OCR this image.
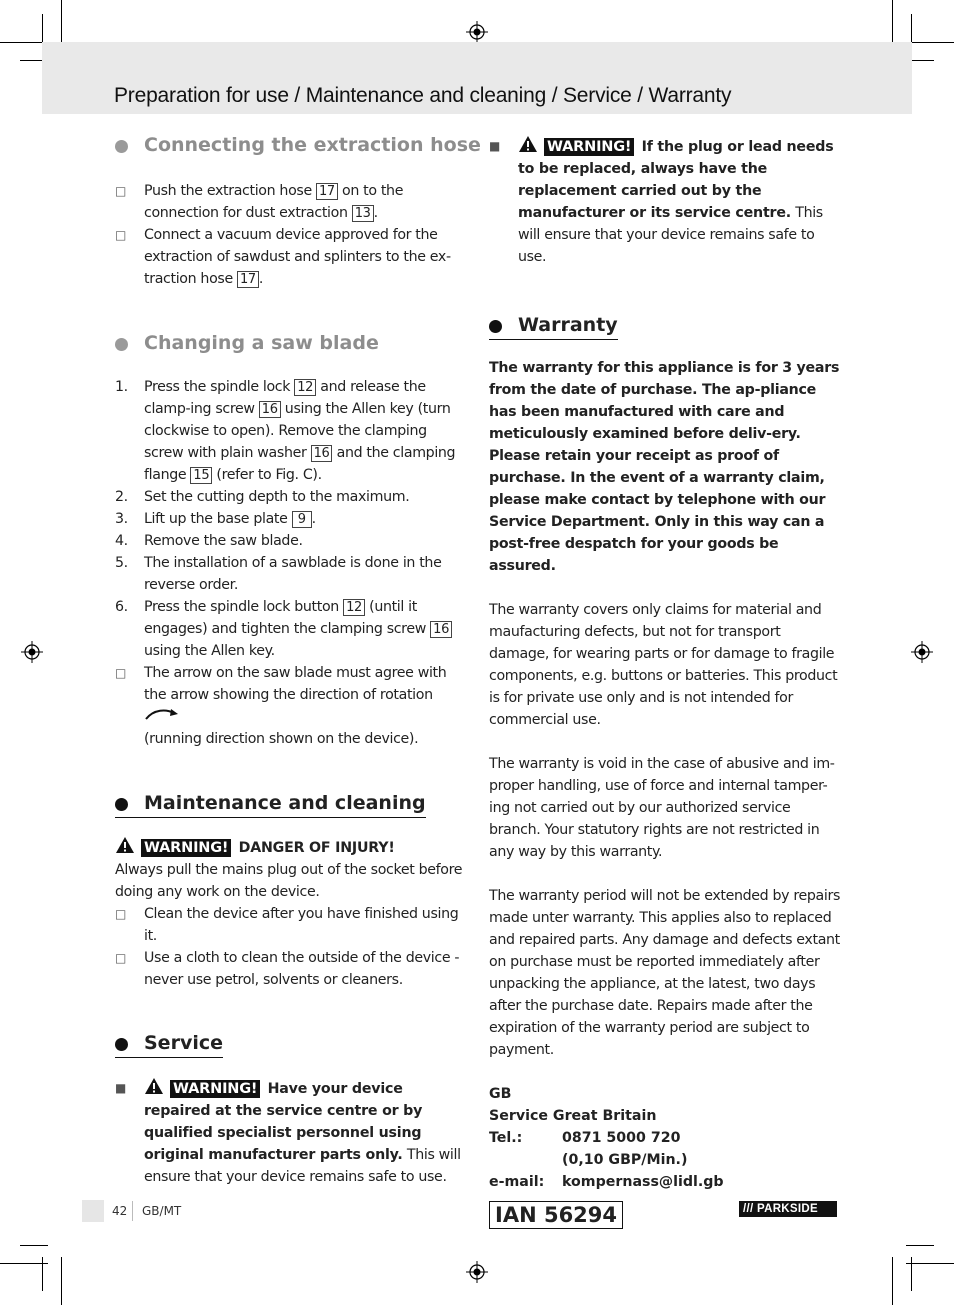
Preparation for use / Maintenance and cleaning / Service / Warranty
Connecting the extraction hose
□ Push the extraction hose 17 on to the connection for dust extraction 13 .
□ Connect a vacuum device approved for the extraction of sawdust and splinters to the ex-traction hose 17 .
Changing a saw blade
1. Press the spindle lock 12 and release the clamp-ing screw 16 using the Allen key (turn clockwise to open). Remove the clamping screw with plain washer 16 and the clamping flange 15 (refer to Fig. C).
2. Set the cutting depth to the maximum.
3. Lift up the base plate 9 .
4. Remove the saw blade.
5. The installation of a sawblade is done in the reverse order.
6. Press the spindle lock button 12 (until it engages) and tighten the clamping screw 16 using the Allen key.
□ The arrow on the saw blade must agree with the arrow showing the direction of rotation
(running direction shown on the device).
Maintenance and cleaning
WARNING! DANGER OF INJURY!
Always pull the mains plug out of the socket before doing any work on the device.
□ Clean the device after you have finished using it.
□ Use a cloth to clean the outside of the device - never use petrol, solvents or cleaners.
Service
■	WARNING! Have your device repaired at the service centre or by qualified specialist personnel using original manufacturer parts only. This will ensure that your device remains safe to use.
■	WARNING! If the plug or lead needs to be replaced, always have the replacement carried out by the manufacturer or its service centre. This will ensure that your device remains safe to use.
Warranty
The warranty for this appliance is for 3 years from the date of purchase. The ap-pliance has been manufactured with care and meticulously examined before deliv-ery. Please retain your receipt as proof of purchase. In the event of a warranty claim, please make contact by telephone with our Service Department. Only in this way can a post-free despatch for your goods be assured.
The warranty covers only claims for material and maufacturing defects, but not for transport damage, for wearing parts or for damage to fragile components, e.g. buttons or batteries. This product is for private use only and is not intended for commercial use.
The warranty is void in the case of abusive and im-proper handling, use of force and internal tamper-ing not carried out by our authorized service branch. Your statutory rights are not restricted in any way by this warranty.
The warranty period will not be extended by repairs made unter warranty. This applies also to replaced and repaired parts. Any damage and defects extant on purchase must be reported immediately after unpacking the appliance, at the latest, two days after the purchase date. Repairs made after the expiration of the warranty period are subject to payment.
GB
Service Great Britain
Tel.:	0871 5000 720
(0,10 GBP/Min.)
e-mail:	kompernass@lidl.gb
IAN 56294
42 GB/MT	/// PARKSIDE
